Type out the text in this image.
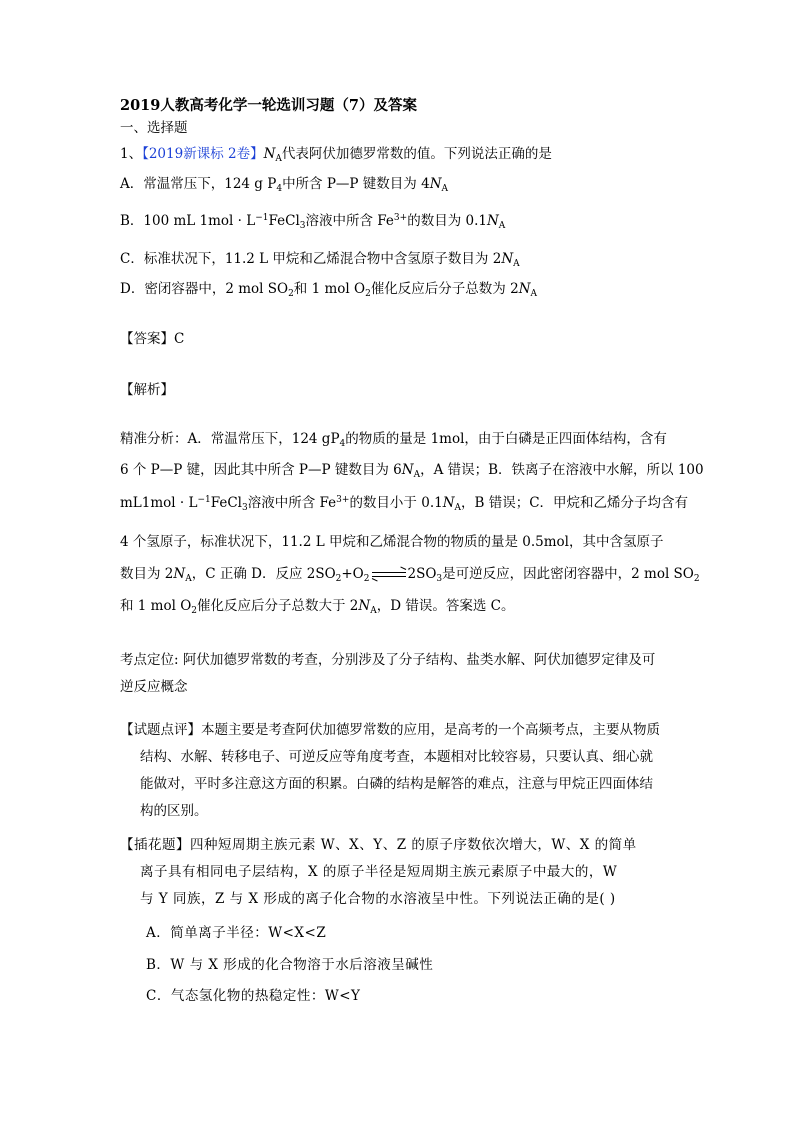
2019人教高考化学一轮选训习题（7）及答案
一、选择题
1、【2019新课标 2卷】$N_A$代表阿伏加德罗常数的值。下列说法正确的是
A．常温常压下，124 g $P_4$中所含 P—P 键数目为 $4N_A$
B．100 mL $1mol \cdot L^{-1}FeCl_3$溶液中所含 $Fe^{3+}$的数目为 $0.1N_A$
C．标准状况下，11.2 L 甲烷和乙烯混合物中含氢原子数目为 $2N_A$
D．密闭容器中，2 mol $SO_2$和 1 mol $O_2$催化反应后分子总数为 $2N_A$
【答案】C
【解析】
精准分析：A．常温常压下，124 $gP_4$的物质的量是 1mol，由于白磷是正四面体结构，含有
6 个 P—P 键，因此其中所含 P—P 键数目为 $6N_A$，A 错误；B．铁离子在溶液中水解，所以 100
$mL1mol \cdot L^{-1}FeCl_3$溶液中所含 $Fe^{3+}$的数目小于 $0.1N_A$，B 错误；C．甲烷和乙烯分子均含有
4 个氢原子，标准状况下，11.2 L 甲烷和乙烯混合物的物质的量是 0.5mol，其中含氢原子
数目为 $2N_A$，C 正确 D．反应 $2SO_2+O_2$	$2SO_3$是可逆反应，因此密闭容器中，2 mol $SO_2$
和 1 mol $O_2$催化反应后分子总数大于 $2N_A$，D 错误。答案选 C。
考点定位: 阿伏加德罗常数的考查，分别涉及了分子结构、盐类水解、阿伏加德罗定律及可
逆反应概念
【试题点评】本题主要是考查阿伏加德罗常数的应用，是高考的一个高频考点，主要从物质
结构、水解、转移电子、可逆反应等角度考查，本题相对比较容易，只要认真、细心就
能做对，平时多注意这方面的积累。白磷的结构是解答的难点，注意与甲烷正四面体结
构的区别。
【插花题】四种短周期主族元素 W、X、Y、Z 的原子序数依次增大，W、X 的简单
离子具有相同电子层结构，X 的原子半径是短周期主族元素原子中最大的，W
与 Y 同族，Z 与 X 形成的离子化合物的水溶液呈中性。下列说法正确的是( )
A．简单离子半径：W<X<Z
B．W 与 X 形成的化合物溶于水后溶液呈碱性
C．气态氢化物的热稳定性：W<Y
